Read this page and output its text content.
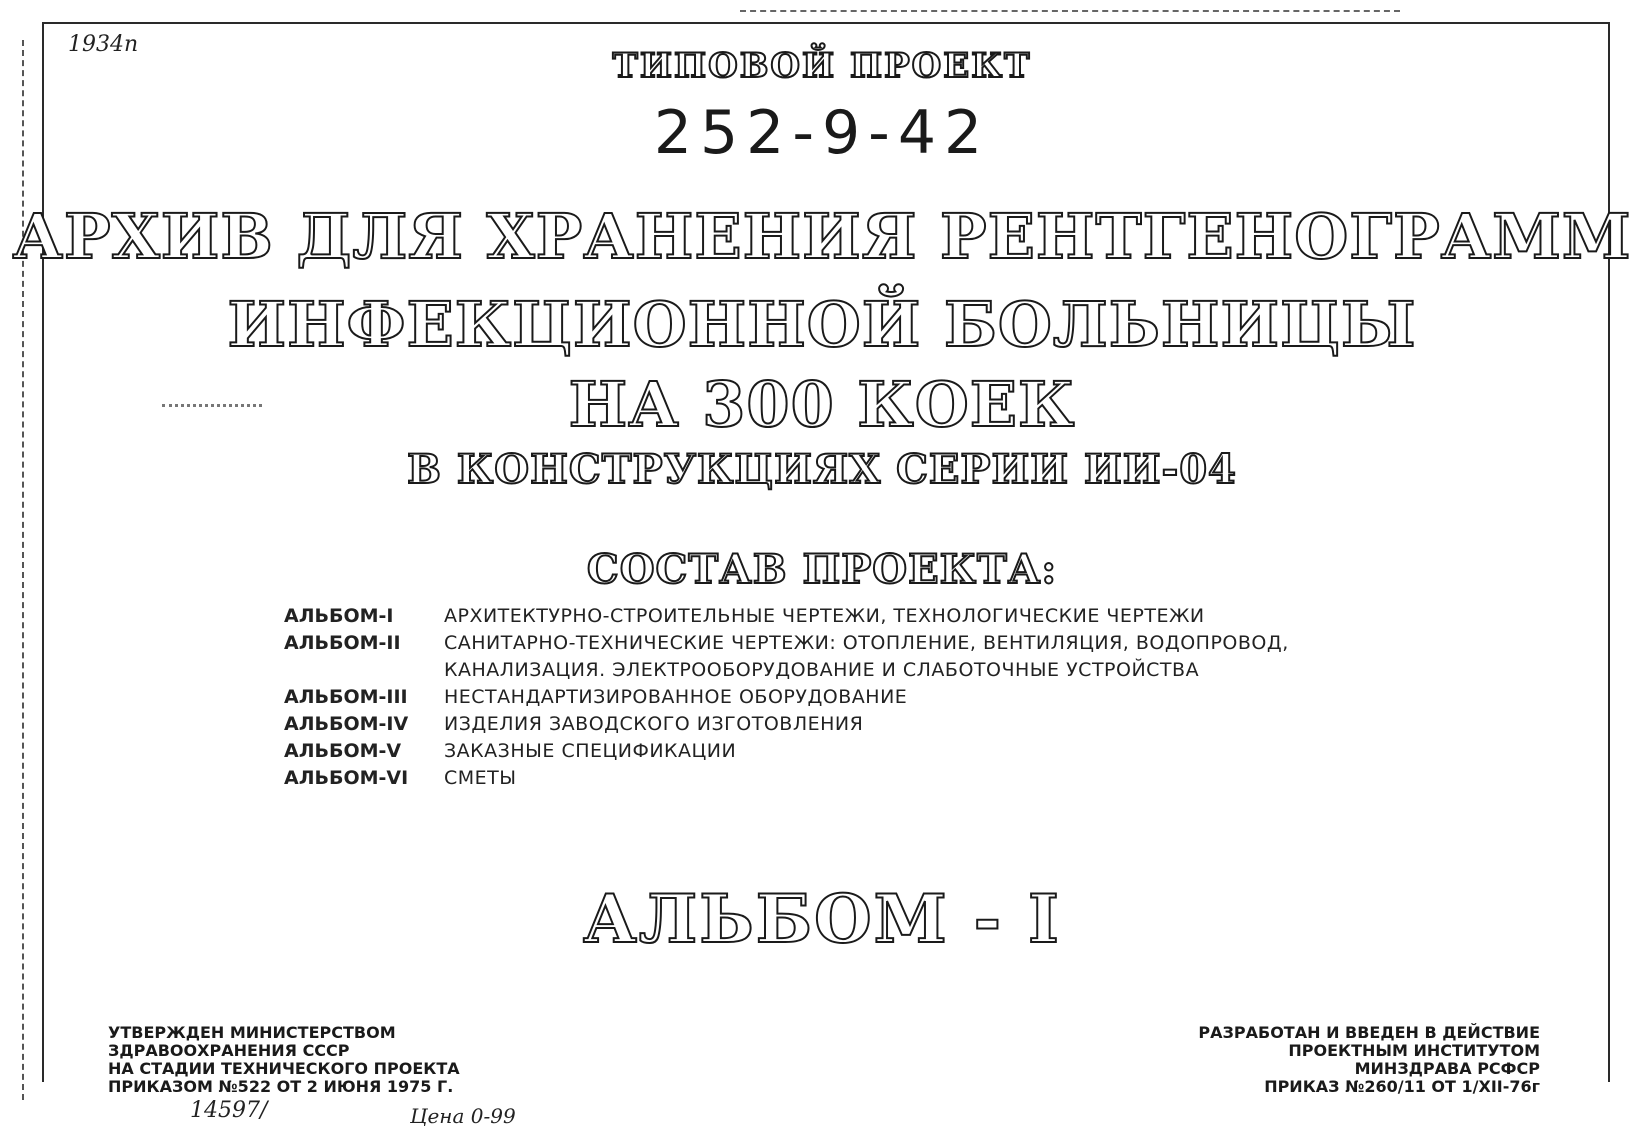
1934п
ТИПОВОЙ ПРОЕКТ
252-9-42
АРХИВ ДЛЯ ХРАНЕНИЯ РЕНТГЕНОГРАММ
ИНФЕКЦИОННОЙ БОЛЬНИЦЫ
НА 300 КОЕК
В КОНСТРУКЦИЯХ СЕРИИ ИИ-04
СОСТАВ ПРОЕКТА:
АЛЬБОМ-I	АРХИТЕКТУРНО-СТРОИТЕЛЬНЫЕ ЧЕРТЕЖИ, ТЕХНОЛОГИЧЕСКИЕ ЧЕРТЕЖИ
АЛЬБОМ-II	САНИТАРНО-ТЕХНИЧЕСКИЕ ЧЕРТЕЖИ: ОТОПЛЕНИЕ, ВЕНТИЛЯЦИЯ, ВОДОПРОВОД,
КАНАЛИЗАЦИЯ. ЭЛЕКТРООБОРУДОВАНИЕ И СЛАБОТОЧНЫЕ УСТРОЙСТВА
АЛЬБОМ-III	НЕСТАНДАРТИЗИРОВАННОЕ ОБОРУДОВАНИЕ
АЛЬБОМ-IV	ИЗДЕЛИЯ ЗАВОДСКОГО ИЗГОТОВЛЕНИЯ
АЛЬБОМ-V	ЗАКАЗНЫЕ СПЕЦИФИКАЦИИ
АЛЬБОМ-VI	СМЕТЫ
АЛЬБОМ - I
УТВЕРЖДЕН МИНИСТЕРСТВОМ
ЗДРАВООХРАНЕНИЯ СССР
НА СТАДИИ ТЕХНИЧЕСКОГО ПРОЕКТА
ПРИКАЗОМ №522 ОТ 2 ИЮНЯ 1975 Г.
РАЗРАБОТАН И ВВЕДЕН В ДЕЙСТВИЕ
ПРОЕКТНЫМ ИНСТИТУТОМ
МИНЗДРАВА РСФСР
ПРИКАЗ №260/11 ОТ 1/XII-76г
14597/	Цена 0-99
